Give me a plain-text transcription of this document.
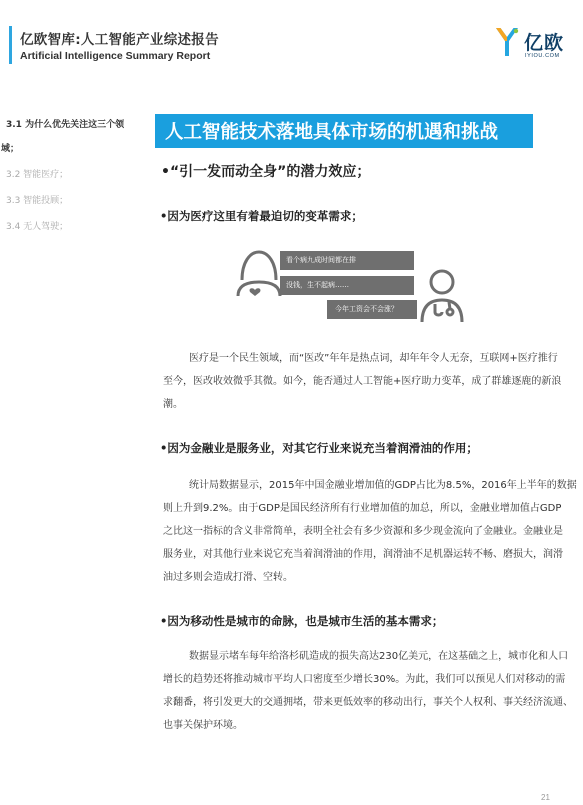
亿欧智库:人工智能产业综述报告
Artificial Intelligence Summary Report
亿欧
IYIOU.COM
3.1 为什么优先关注这三个领
域；
3.2 智能医疗；
3.3 智能投顾；
3.4 无人驾驶；
人工智能技术落地具体市场的机遇和挑战
•“引一发而动全身”的潜力效应；
•因为医疗这里有着最迫切的变革需求；
看个病九成时间都在排
没钱，生不起病……
今年工资会不会涨？
医疗是一个民生领域，而“医改”年年是热点词，却年年令人无奈，互联网+医疗推行
至今，医改收效微乎其微。如今，能否通过人工智能+医疗助力变革，成了群雄逐鹿的新浪
潮。
•因为金融业是服务业，对其它行业来说充当着润滑油的作用；
统计局数据显示，2015年中国金融业增加值的GDP占比为8.5%，2016年上半年的数据
则上升到9.2%。由于GDP是国民经济所有行业增加值的加总，所以，金融业增加值占GDP
之比这一指标的含义非常简单，表明全社会有多少资源和多少现金流向了金融业。金融业是
服务业，对其他行业来说它充当着润滑油的作用，润滑油不足机器运转不畅、磨损大，润滑
油过多则会造成打滑、空转。
•因为移动性是城市的命脉，也是城市生活的基本需求；
数据显示堵车每年给洛杉矶造成的损失高达230亿美元，在这基础之上，城市化和人口
增长的趋势还将推动城市平均人口密度至少增长30%。为此，我们可以预见人们对移动的需
求翻番，将引发更大的交通拥堵，带来更低效率的移动出行，事关个人权利、事关经济流通、
也事关保护环境。
21
